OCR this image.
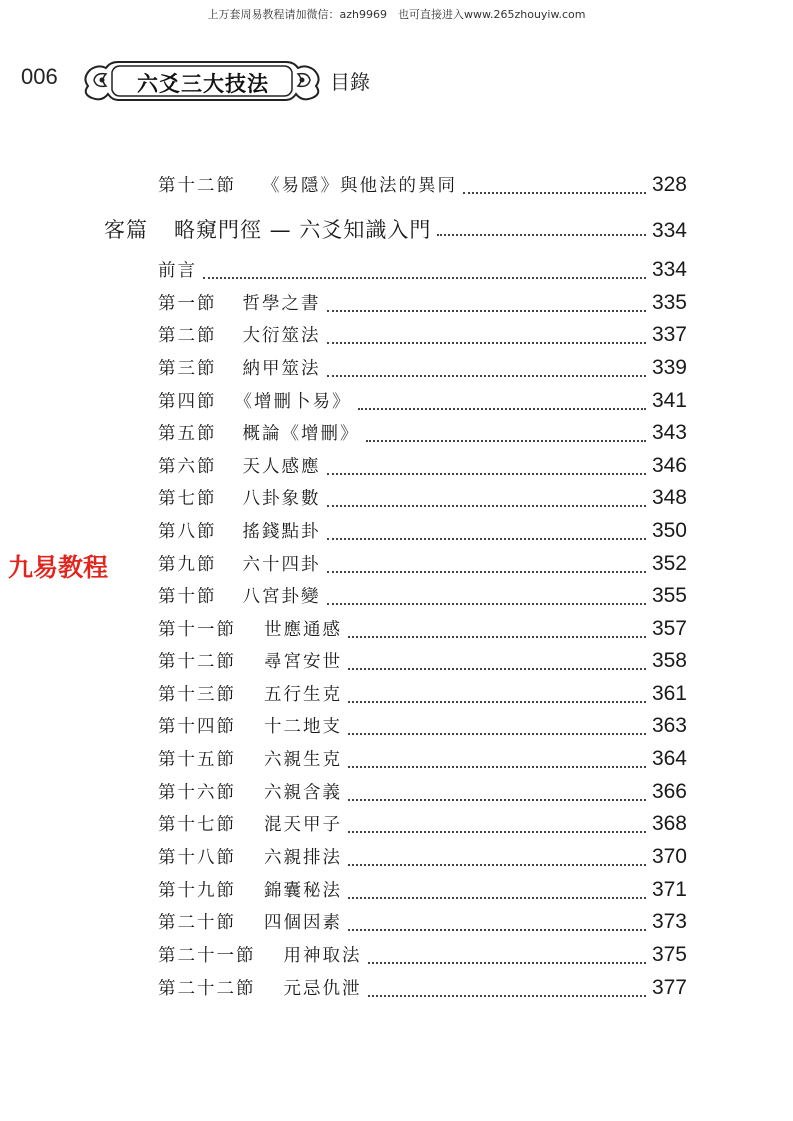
上万套周易教程请加微信：azh9969　也可直接进入www.265zhouyiw.com
006	六爻三大技法	目錄
九易教程
第十二節 《易隱》與他法的異同	328
客篇 略窺門徑 — 六爻知識入門	334
前言	334
第一節 哲學之書	335
第二節 大衍筮法	337
第三節 納甲筮法	339
第四節 《增刪卜易》	341
第五節 概論《增刪》	343
第六節 天人感應	346
第七節 八卦象數	348
第八節 搖錢點卦	350
第九節 六十四卦	352
第十節 八宮卦變	355
第十一節 世應通感	357
第十二節 尋宮安世	358
第十三節 五行生克	361
第十四節 十二地支	363
第十五節 六親生克	364
第十六節 六親含義	366
第十七節 混天甲子	368
第十八節 六親排法	370
第十九節 錦囊秘法	371
第二十節 四個因素	373
第二十一節 用神取法	375
第二十二節 元忌仇泄	377
